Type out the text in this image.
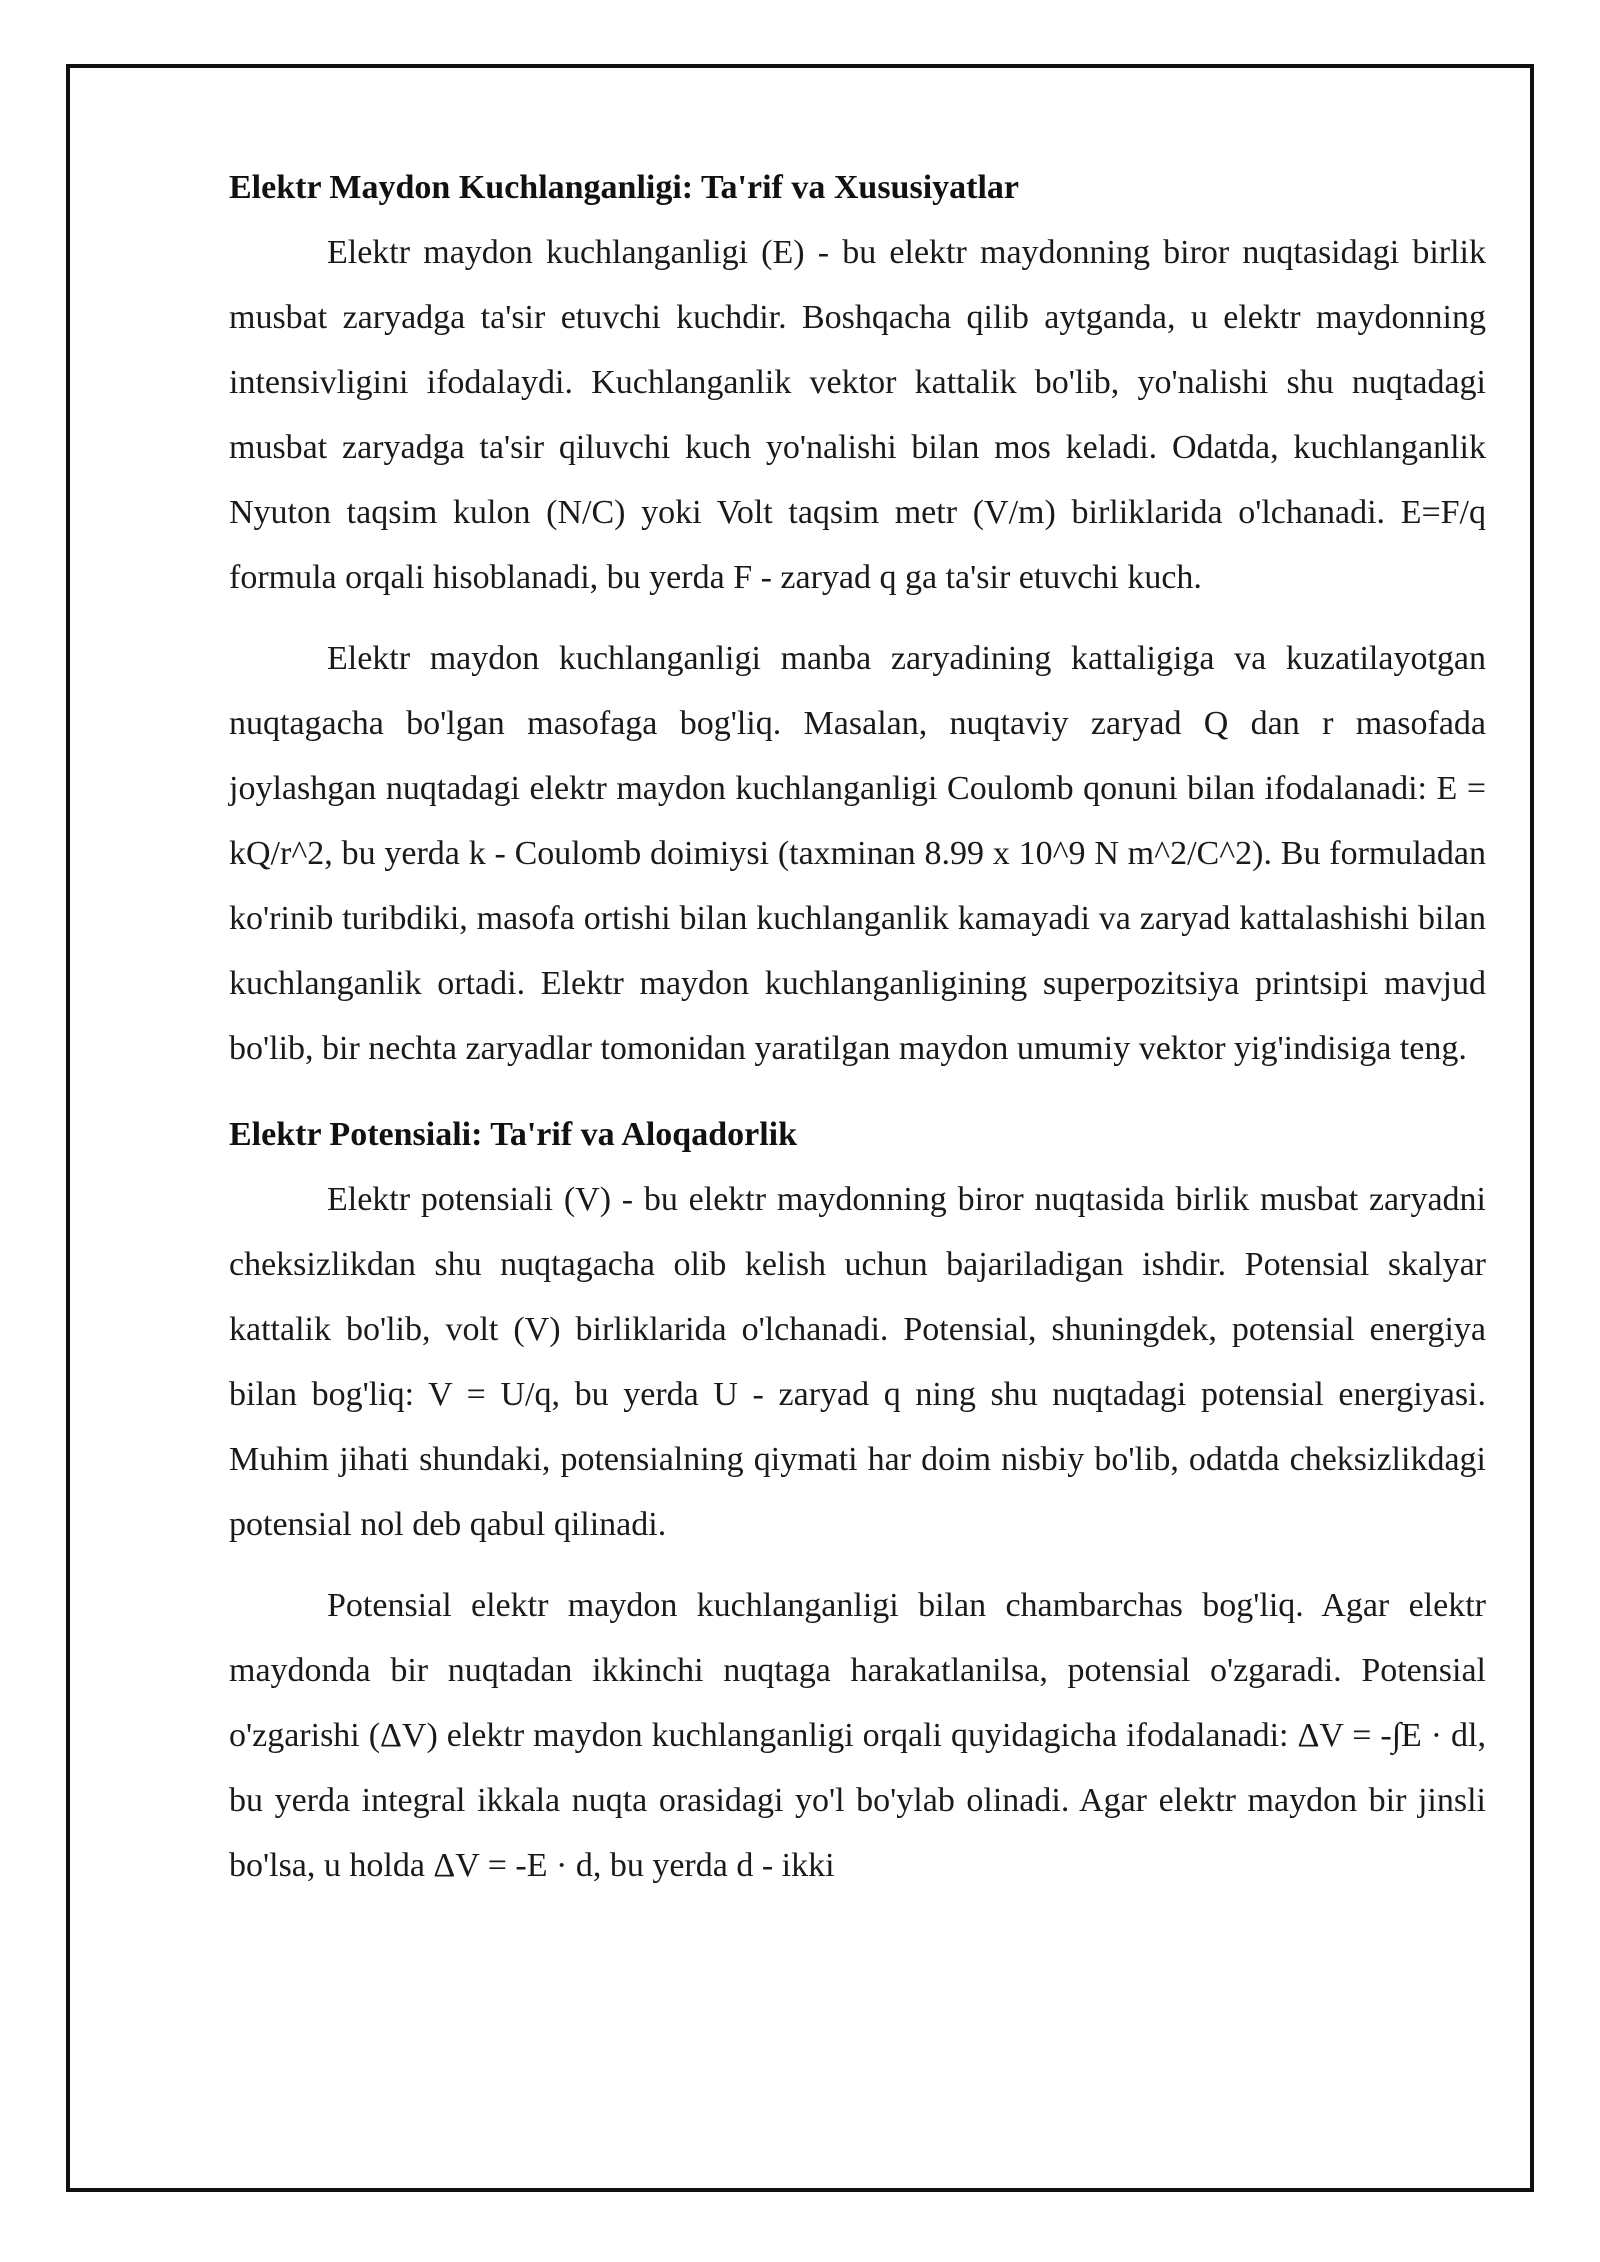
Elektr Maydon Kuchlanganligi: Ta'rif va Xususiyatlar

Elektr maydon kuchlanganligi (E) - bu elektr maydonning biror nuqtasidagi birlik musbat zaryadga ta'sir etuvchi kuchdir. Boshqacha qilib aytganda, u elektr maydonning intensivligini ifodalaydi. Kuchlanganlik vektor kattalik bo'lib, yo'nalishi shu nuqtadagi musbat zaryadga ta'sir qiluvchi kuch yo'nalishi bilan mos keladi. Odatda, kuchlanganlik Nyuton taqsim kulon (N/C) yoki Volt taqsim metr (V/m) birliklarida o'lchanadi. E=F/q formula orqali hisoblanadi, bu yerda F - zaryad q ga ta'sir etuvchi kuch.

Elektr maydon kuchlanganligi manba zaryadining kattaligiga va kuzatilayotgan nuqtagacha bo'lgan masofaga bog'liq. Masalan, nuqtaviy zaryad Q dan r masofada joylashgan nuqtadagi elektr maydon kuchlanganligi Coulomb qonuni bilan ifodalanadi: E = kQ/r^2, bu yerda k - Coulomb doimiysi (taxminan 8.99 x 10^9 N m^2/C^2). Bu formuladan ko'rinib turibdiki, masofa ortishi bilan kuchlanganlik kamayadi va zaryad kattalashishi bilan kuchlanganlik ortadi. Elektr maydon kuchlanganligining superpozitsiya printsipi mavjud bo'lib, bir nechta zaryadlar tomonidan yaratilgan maydon umumiy vektor yig'indisiga teng.

Elektr Potensiali: Ta'rif va Aloqadorlik

Elektr potensiali (V) - bu elektr maydonning biror nuqtasida birlik musbat zaryadni cheksizlikdan shu nuqtagacha olib kelish uchun bajariladigan ishdir. Potensial skalyar kattalik bo'lib, volt (V) birliklarida o'lchanadi. Potensial, shuningdek, potensial energiya bilan bog'liq: V = U/q, bu yerda U - zaryad q ning shu nuqtadagi potensial energiyasi. Muhim jihati shundaki, potensialning qiymati har doim nisbiy bo'lib, odatda cheksizlikdagi potensial nol deb qabul qilinadi.

Potensial elektr maydon kuchlanganligi bilan chambarchas bog'liq. Agar elektr maydonda bir nuqtadan ikkinchi nuqtaga harakatlanilsa, potensial o'zgaradi. Potensial o'zgarishi (ΔV) elektr maydon kuchlanganligi orqali quyidagicha ifodalanadi: ΔV = -∫E · dl, bu yerda integral ikkala nuqta orasidagi yo'l bo'ylab olinadi. Agar elektr maydon bir jinsli bo'lsa, u holda ΔV = -E · d, bu yerda d - ikki
